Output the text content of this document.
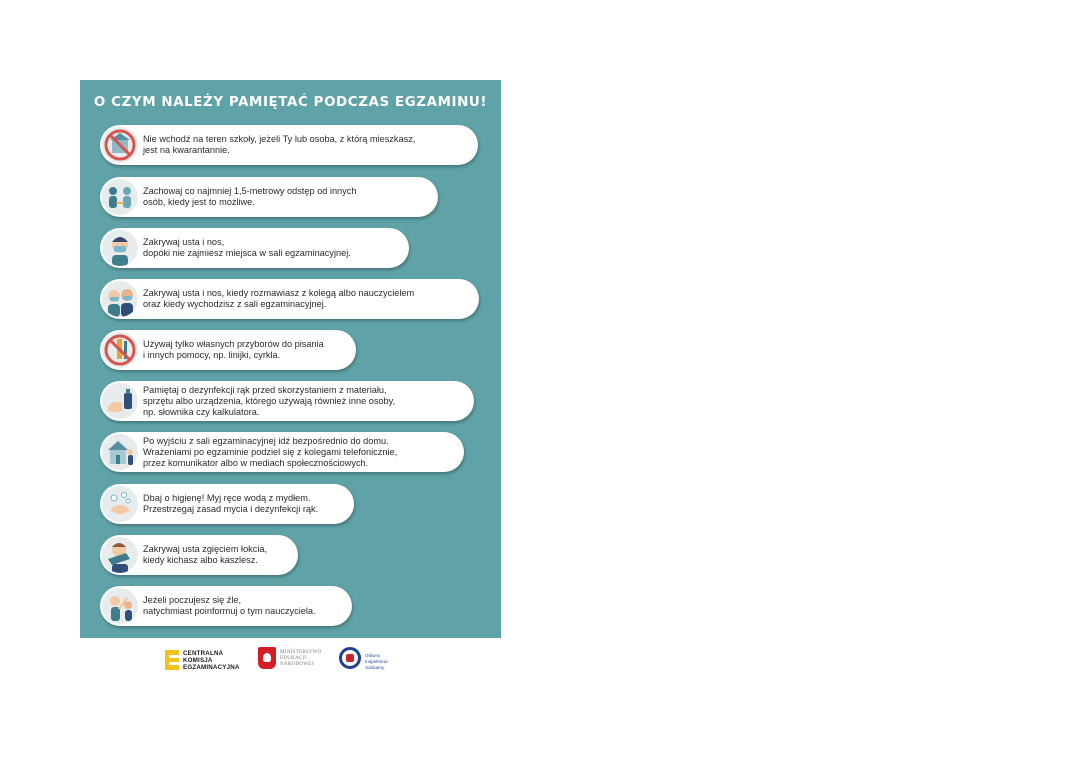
O CZYM NALEŻY PAMIĘTAĆ PODCZAS EGZAMINU!
Nie wchodź na teren szkoły, jeżeli Ty lub osoba, z którą mieszkasz,
jest na kwarantannie.
Zachowaj co najmniej 1,5-metrowy odstęp od innych
osób, kiedy jest to możliwe.
Zakrywaj usta i nos,
dopóki nie zajmiesz miejsca w sali egzaminacyjnej.
Zakrywaj usta i nos, kiedy rozmawiasz z kolegą albo nauczycielem
oraz kiedy wychodzisz z sali egzaminacyjnej.
Używaj tylko własnych przyborów do pisania
i innych pomocy, np. linijki, cyrkla.
Pamiętaj o dezynfekcji rąk przed skorzystaniem z materiału,
sprzętu albo urządzenia, którego używają również inne osoby,
np. słownika czy kalkulatora.
Po wyjściu z sali egzaminacyjnej idź bezpośrednio do domu.
Wrażeniami po egzaminie podziel się z kolegami telefonicznie,
przez komunikator albo w mediach społecznościowych.
Dbaj o higienę! Myj ręce wodą z mydłem.
Przestrzegaj zasad mycia i dezynfekcji rąk.
Zakrywaj usta zgięciem łokcia,
kiedy kichasz albo kaszlesz.
Jeżeli poczujesz się źle,
natychmiast poinformuj o tym nauczyciela.
CENTRALNA
KOMISJA
EGZAMINACYJNA
MINISTERSTWO
EDUKACJI
NARODOWEJ
Główny Inspektorat
Sanitarny
